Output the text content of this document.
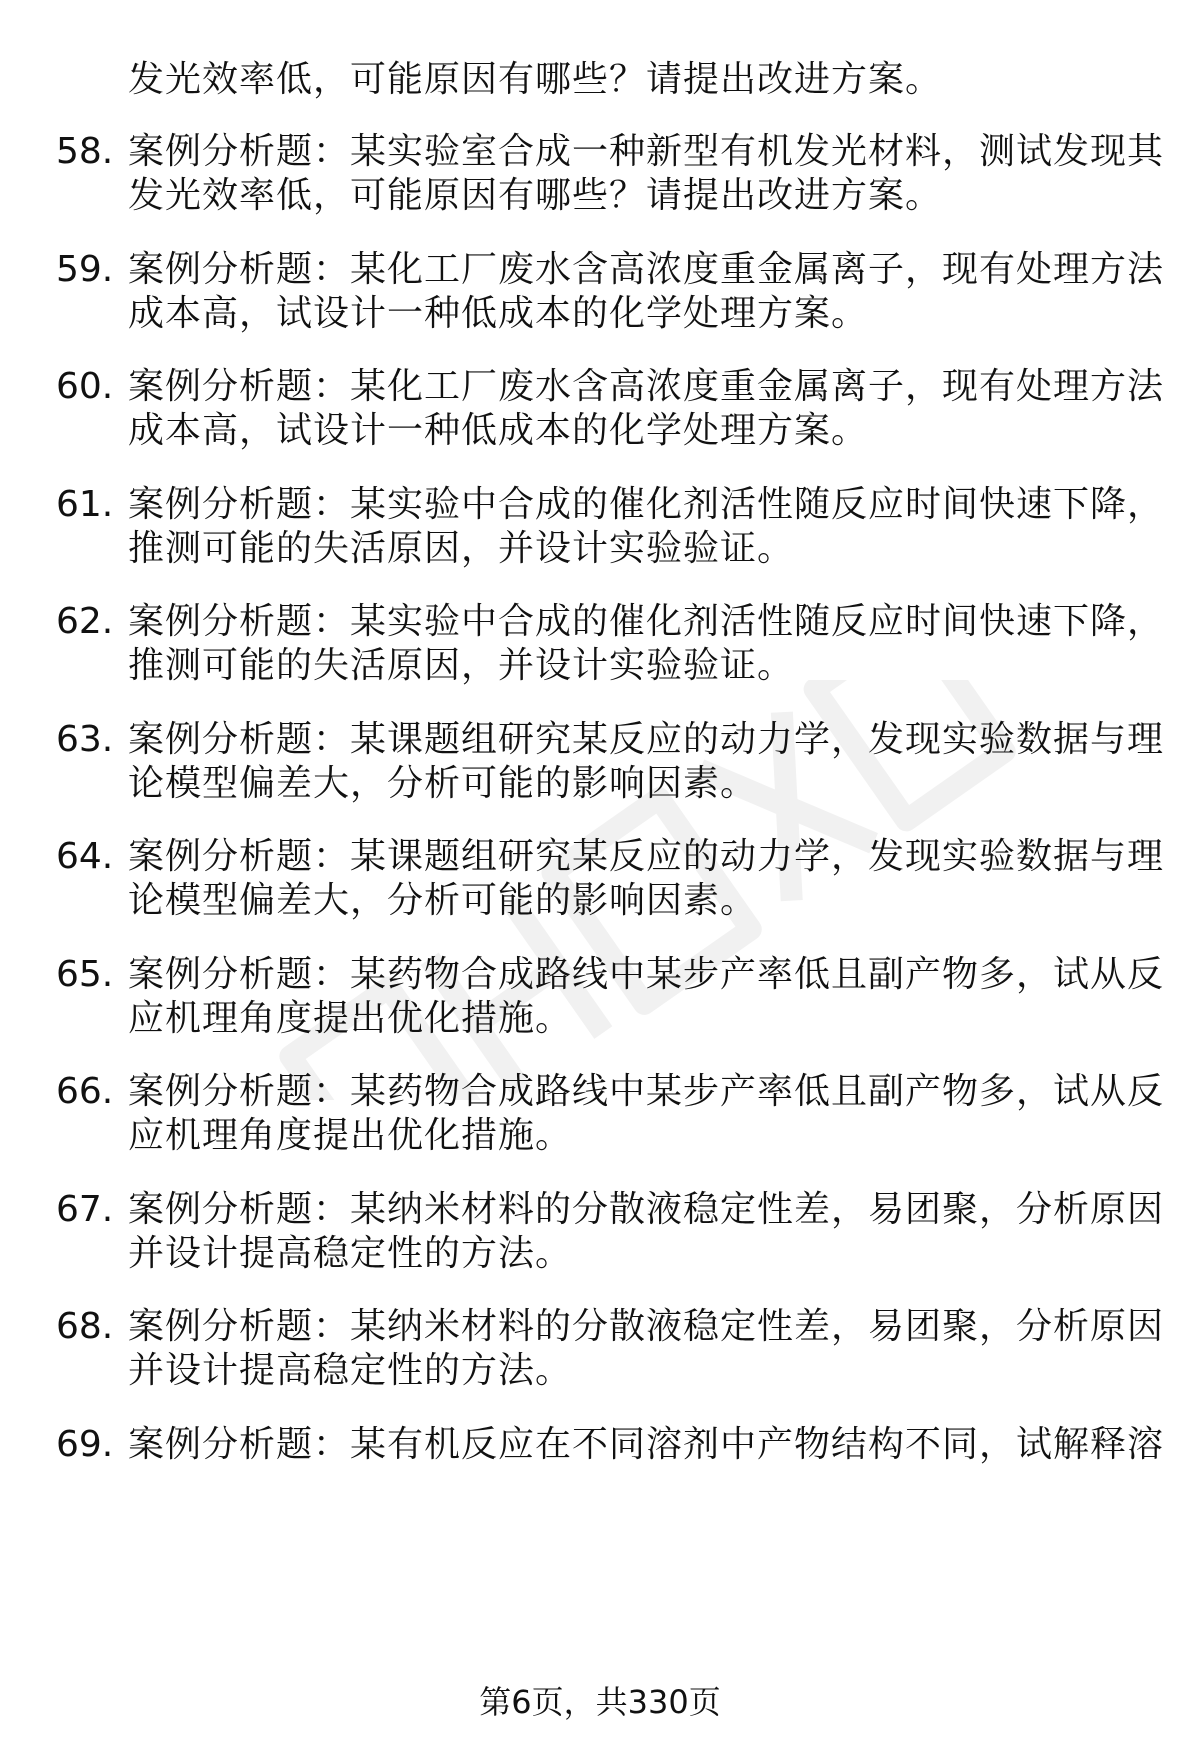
发光效率低，可能原因有哪些？请提出改进方案。
58. 案例分析题：某实验室合成一种新型有机发光材料，测试发现其
发光效率低，可能原因有哪些？请提出改进方案。
59. 案例分析题：某化工厂废水含高浓度重金属离子，现有处理方法
成本高，试设计一种低成本的化学处理方案。
60. 案例分析题：某化工厂废水含高浓度重金属离子，现有处理方法
成本高，试设计一种低成本的化学处理方案。
61. 案例分析题：某实验中合成的催化剂活性随反应时间快速下降，
推测可能的失活原因，并设计实验验证。
62. 案例分析题：某实验中合成的催化剂活性随反应时间快速下降，
推测可能的失活原因，并设计实验验证。
63. 案例分析题：某课题组研究某反应的动力学，发现实验数据与理
论模型偏差大，分析可能的影响因素。
64. 案例分析题：某课题组研究某反应的动力学，发现实验数据与理
论模型偏差大，分析可能的影响因素。
65. 案例分析题：某药物合成路线中某步产率低且副产物多，试从反
应机理角度提出优化措施。
66. 案例分析题：某药物合成路线中某步产率低且副产物多，试从反
应机理角度提出优化措施。
67. 案例分析题：某纳米材料的分散液稳定性差，易团聚，分析原因
并设计提高稳定性的方法。
68. 案例分析题：某纳米材料的分散液稳定性差，易团聚，分析原因
并设计提高稳定性的方法。
69. 案例分析题：某有机反应在不同溶剂中产物结构不同，试解释溶
第6页，共330页
